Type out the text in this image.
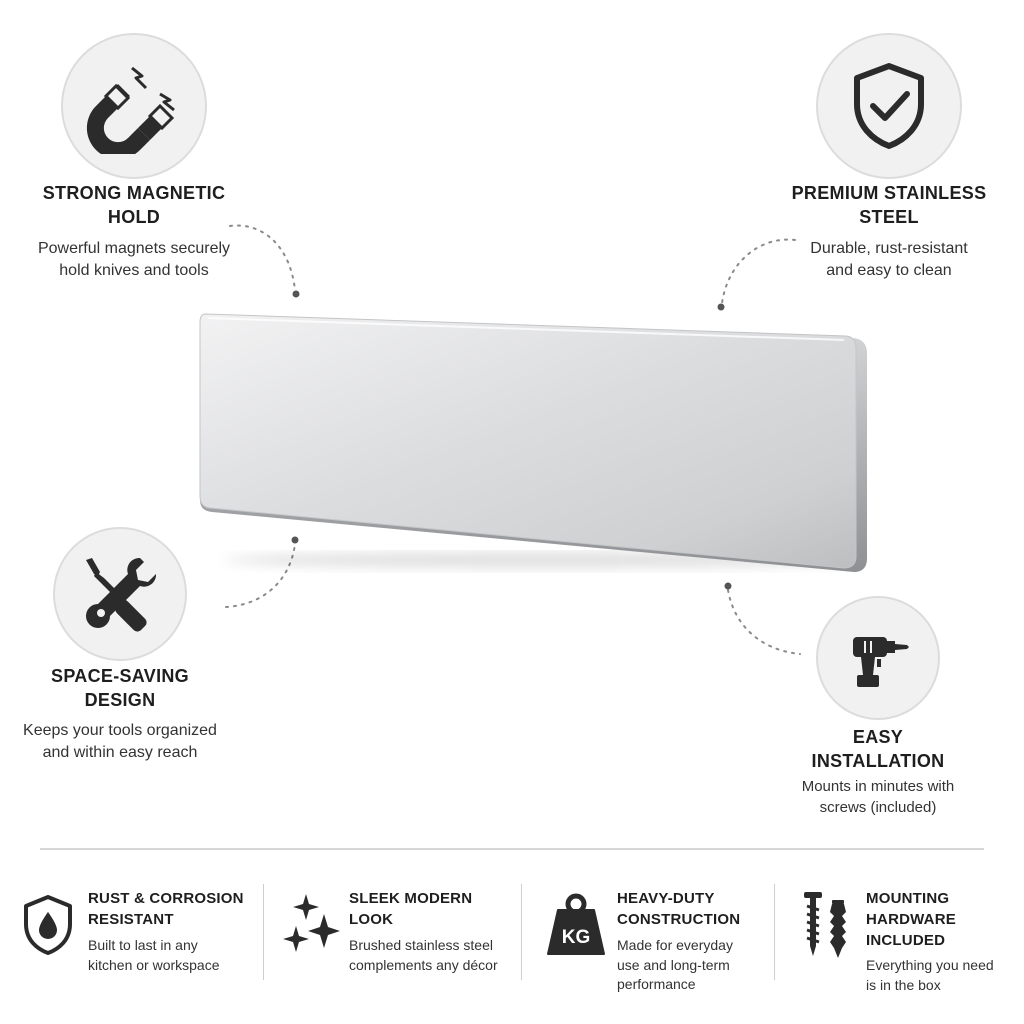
STRONG MAGNETIC
HOLD
Powerful magnets securely
hold knives and tools
PREMIUM STAINLESS
STEEL
Durable, rust-resistant
and easy to clean
SPACE-SAVING
DESIGN
Keeps your tools organized
and within easy reach
EASY
INSTALLATION
Mounts in minutes with
screws (included)
RUST & CORROSION
RESISTANT
Built to last in any
kitchen or workspace
SLEEK MODERN
LOOK
Brushed stainless steel
complements any décor
KG
HEAVY-DUTY
CONSTRUCTION
Made for everyday
use and long-term
performance
MOUNTING
HARDWARE
INCLUDED
Everything you need
is in the box
